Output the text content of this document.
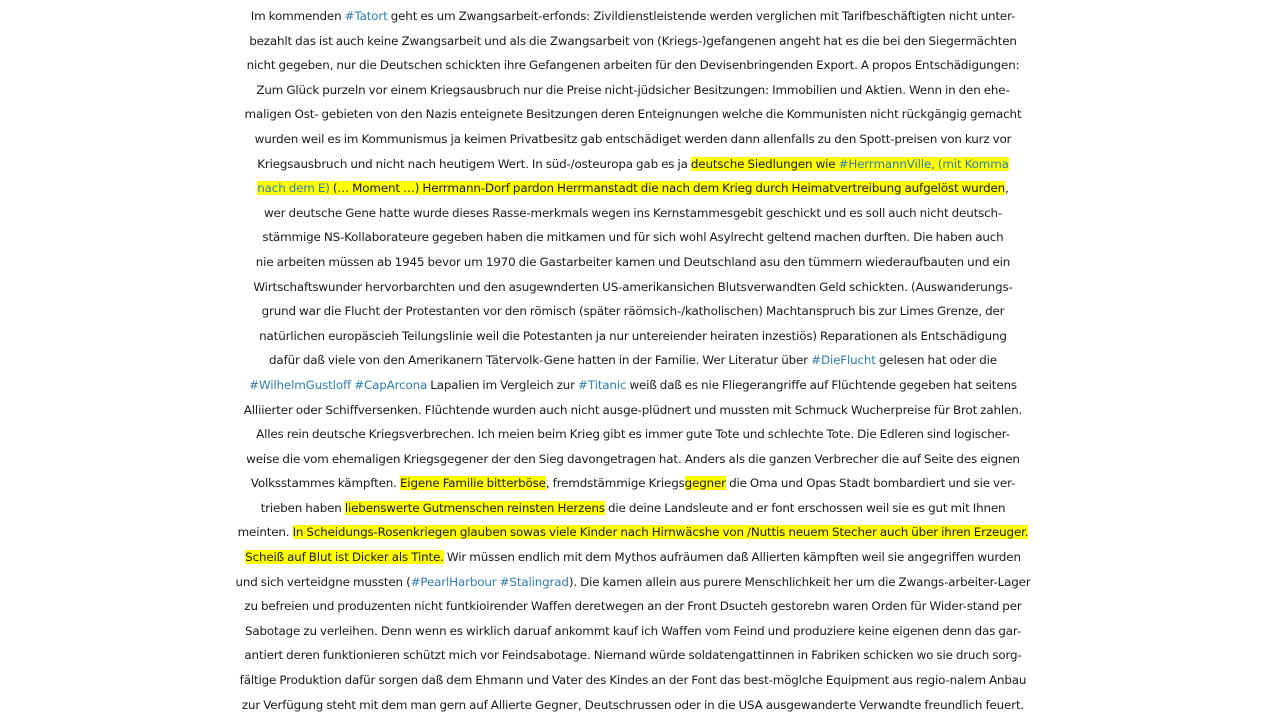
Im kommenden #Tatort geht es um Zwangsarbeit-erfonds: Zivildienstleistende werden verglichen mit Tarifbeschäftigten nicht unter-
bezahlt das ist auch keine Zwangsarbeit und als die Zwangsarbeit von (Kriegs-)gefangenen angeht hat es die bei den Siegermächten
nicht gegeben, nur die Deutschen schickten ihre Gefangenen arbeiten für den Devisenbringenden Export. A propos Entschädigungen:
Zum Glück purzeln vor einem Kriegsausbruch nur die Preise nicht-jüdsicher Besitzungen: Immobilien und Aktien. Wenn in den ehe-
maligen Ost- gebieten von den Nazis enteignete Besitzungen deren Enteignungen welche die Kommunisten nicht rückgängig gemacht
wurden weil es im Kommunismus ja keimen Privatbesitz gab entschädiget werden dann allenfalls zu den Spott-preisen von kurz vor
Kriegsausbruch und nicht nach heutigem Wert. In süd-/osteuropa gab es ja deutsche Siedlungen wie #HerrmannVille, (mit Komma
nach dem E) (… Moment …) Herrmann-Dorf pardon Herrmanstadt die nach dem Krieg durch Heimatvertreibung aufgelöst wurden,
wer deutsche Gene hatte wurde dieses Rasse-merkmals wegen ins Kernstammesgebit geschickt und es soll auch nicht deutsch-
stämmige NS-Kollaborateure gegeben haben die mitkamen und für sich wohl Asylrecht geltend machen durften. Die haben auch
nie arbeiten müssen ab 1945 bevor um 1970 die Gastarbeiter kamen und Deutschland asu den tümmern wiederaufbauten und ein
Wirtschaftswunder hervorbarchten und den asugewnderten US-amerikansichen Blutsverwandten Geld schickten. (Auswanderungs-
grund war die Flucht der Protestanten vor den römisch (später räömsich-/katholischen) Machtanspruch bis zur Limes Grenze, der
natürlichen europäscieh Teilungslinie weil die Potestanten ja nur untereiender heiraten inzestiös) Reparationen als Entschädigung
dafür daß viele von den Amerikanern Tätervolk-Gene hatten in der Familie. Wer Literatur über #DieFlucht gelesen hat oder die
#WilhelmGustloff #CapArcona Lapalien im Vergleich zur #Titanic weiß daß es nie Fliegerangriffe auf Flüchtende gegeben hat seitens
Alliierter oder Schiffversenken. Flüchtende wurden auch nicht ausge-plüdnert und mussten mit Schmuck Wucherpreise für Brot zahlen.
Alles rein deutsche Kriegsverbrechen. Ich meien beim Krieg gibt es immer gute Tote und schlechte Tote. Die Edleren sind logischer-
weise die vom ehemaligen Kriegsgegener der den Sieg davongetragen hat. Anders als die ganzen Verbrecher die auf Seite des eignen
Volksstammes kämpften. Eigene Familie bitterböse, fremdstämmige Kriegsgegner die Oma und Opas Stadt bombardiert und sie ver-
trieben haben liebenswerte Gutmenschen reinsten Herzens die deine Landsleute and er font erschossen weil sie es gut mit Ihnen
meinten. In Scheidungs-Rosenkriegen glauben sowas viele Kinder nach Hirnwäcshe von /Nuttis neuem Stecher auch über ihren Erzeuger.
Scheiß auf Blut ist Dicker als Tinte. Wir müssen endlich mit dem Mythos aufräumen daß Allierten kämpften weil sie angegriffen wurden
und sich verteidgne mussten (#PearlHarbour #Stalingrad). Die kamen allein aus purere Menschlichkeit her um die Zwangs-arbeiter-Lager
zu befreien und produzenten nicht funtkioirender Waffen deretwegen an der Front Dsucteh gestorebn waren Orden für Wider-stand per
Sabotage zu verleihen. Denn wenn es wirklich daruaf ankommt kauf ich Waffen vom Feind und produziere keine eigenen denn das gar-
antiert deren funktionieren schützt mich vor Feindsabotage. Niemand würde soldatengattinnen in Fabriken schicken wo sie druch sorg-
fältige Produktion dafür sorgen daß dem Ehmann und Vater des Kindes an der Font das best-möglche Equipment aus regio-nalem Anbau
zur Verfügung steht mit dem man gern auf Allierte Gegner, Deutschrussen oder in die USA ausgewanderte Verwandte freundlich feuert.
